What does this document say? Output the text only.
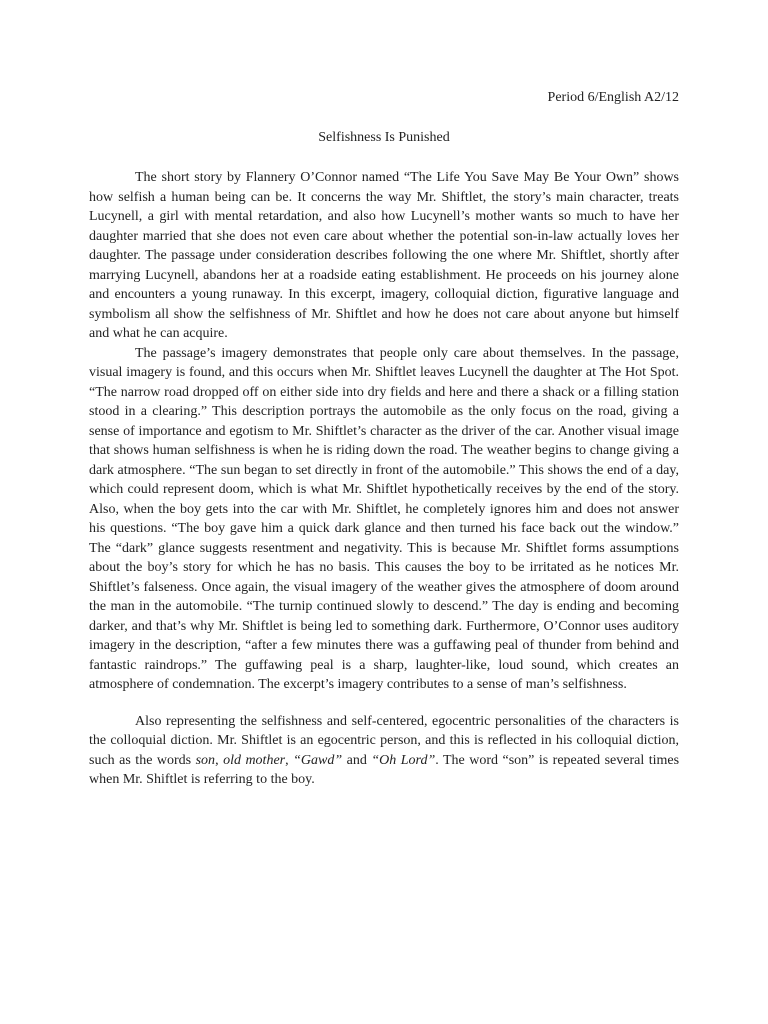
Period 6/English A2/12
Selfishness Is Punished

The short story by Flannery O’Connor named “The Life You Save May Be Your Own” shows how selfish a human being can be. It concerns the way Mr. Shiftlet, the story’s main character, treats Lucynell, a girl with mental retardation, and also how Lucynell’s mother wants so much to have her daughter married that she does not even care about whether the potential son-in-law actually loves her daughter. The passage under consideration describes following the one where Mr. Shiftlet, shortly after marrying Lucynell, abandons her at a roadside eating establishment. He proceeds on his journey alone and encounters a young runaway. In this excerpt, imagery, colloquial diction, figurative language and symbolism all show the selfishness of Mr. Shiftlet and how he does not care about anyone but himself and what he can acquire.

The passage’s imagery demonstrates that people only care about themselves. In the passage, visual imagery is found, and this occurs when Mr. Shiftlet leaves Lucynell the daughter at The Hot Spot. “The narrow road dropped off on either side into dry fields and here and there a shack or a filling station stood in a clearing.” This description portrays the automobile as the only focus on the road, giving a sense of importance and egotism to Mr. Shiftlet’s character as the driver of the car. Another visual image that shows human selfishness is when he is riding down the road. The weather begins to change giving a dark atmosphere. “The sun began to set directly in front of the automobile.” This shows the end of a day, which could represent doom, which is what Mr. Shiftlet hypothetically receives by the end of the story. Also, when the boy gets into the car with Mr. Shiftlet, he completely ignores him and does not answer his questions. “The boy gave him a quick dark glance and then turned his face back out the window.” The “dark” glance suggests resentment and negativity. This is because Mr. Shiftlet forms assumptions about the boy’s story for which he has no basis. This causes the boy to be irritated as he notices Mr. Shiftlet’s falseness. Once again, the visual imagery of the weather gives the atmosphere of doom around the man in the automobile. “The turnip continued slowly to descend.” The day is ending and becoming darker, and that’s why Mr. Shiftlet is being led to something dark. Furthermore, O’Connor uses auditory imagery in the description, “after a few minutes there was a guffawing peal of thunder from behind and fantastic raindrops.” The guffawing peal is a sharp, laughter-like, loud sound, which creates an atmosphere of condemnation. The excerpt’s imagery contributes to a sense of man’s selfishness.

Also representing the selfishness and self-centered, egocentric personalities of the characters is the colloquial diction. Mr. Shiftlet is an egocentric person, and this is reflected in his colloquial diction, such as the words son, old mother, “Gawd” and “Oh Lord”. The word “son” is repeated several times when Mr. Shiftlet is referring to the boy.
